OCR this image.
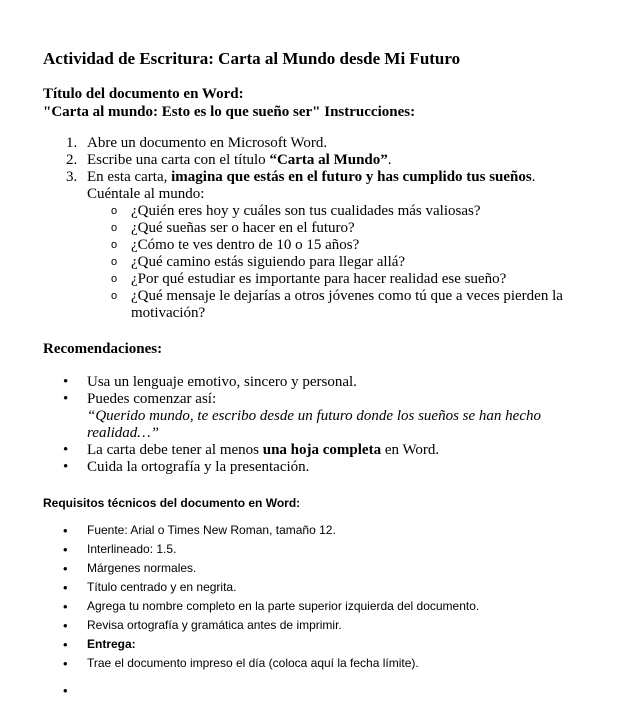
Actividad de Escritura: Carta al Mundo desde Mi Futuro
Título del documento en Word:
"Carta al mundo: Esto es lo que sueño ser" Instrucciones:
1. Abre un documento en Microsoft Word.
2. Escribe una carta con el título “Carta al Mundo”.
3. En esta carta, imagina que estás en el futuro y has cumplido tus sueños. Cuéntale al mundo:
o ¿Quién eres hoy y cuáles son tus cualidades más valiosas?
o ¿Qué sueñas ser o hacer en el futuro?
o ¿Cómo te ves dentro de 10 o 15 años?
o ¿Qué camino estás siguiendo para llegar allá?
o ¿Por qué estudiar es importante para hacer realidad ese sueño?
o ¿Qué mensaje le dejarías a otros jóvenes como tú que a veces pierden la motivación?
Recomendaciones:
• Usa un lenguaje emotivo, sincero y personal.
• Puedes comenzar así:
“Querido mundo, te escribo desde un futuro donde los sueños se han hecho realidad…”
• La carta debe tener al menos una hoja completa en Word.
• Cuida la ortografía y la presentación.
Requisitos técnicos del documento en Word:
• Fuente: Arial o Times New Roman, tamaño 12.
• Interlineado: 1.5.
• Márgenes normales.
• Título centrado y en negrita.
• Agrega tu nombre completo en la parte superior izquierda del documento.
• Revisa ortografía y gramática antes de imprimir.
• Entrega:
• Trae el documento impreso el día (coloca aquí la fecha límite).
•
